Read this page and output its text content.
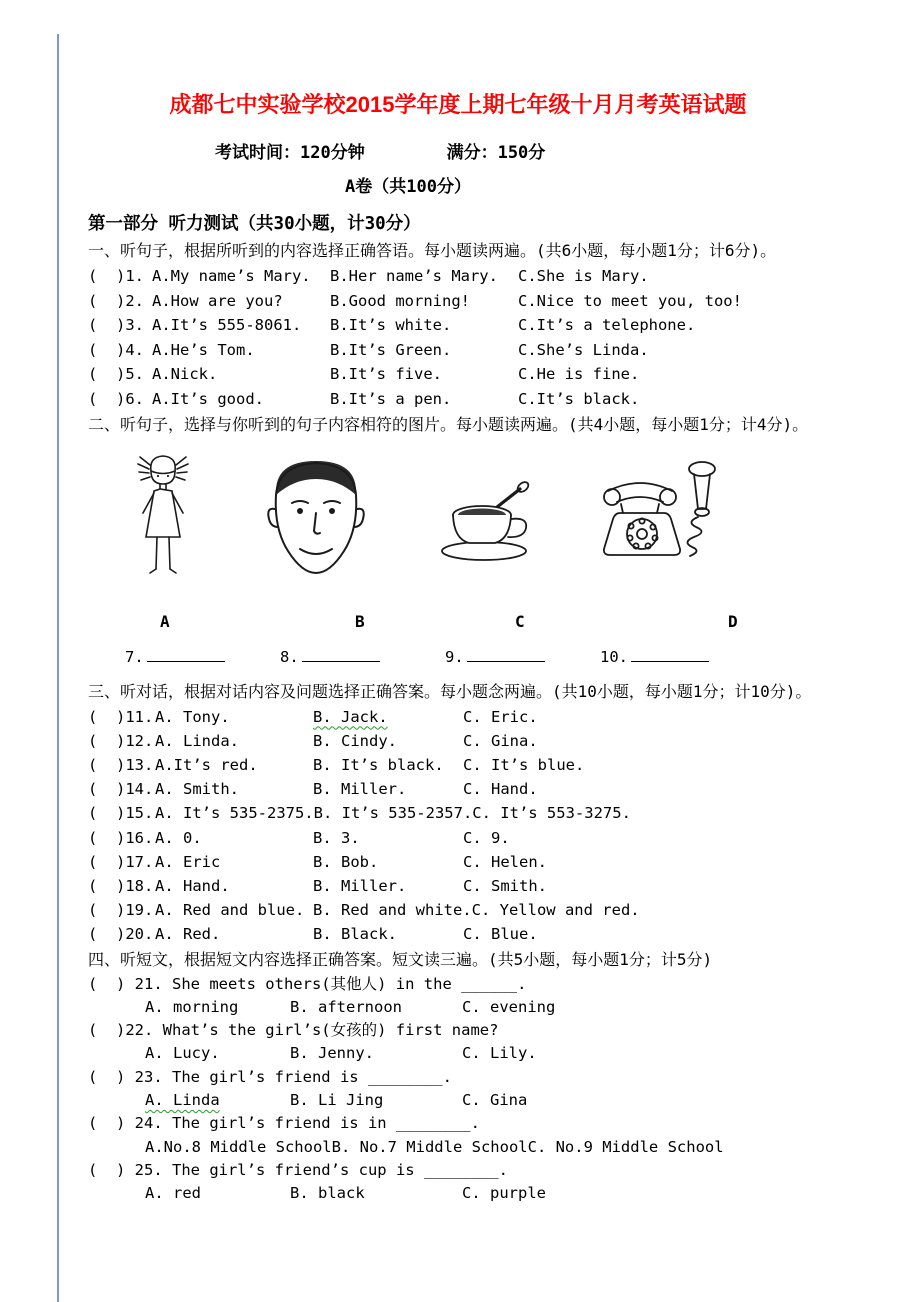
成都七中实验学校2015学年度上期七年级十月月考英语试题
考试时间：120分钟        满分：150分
A卷（共100分）
第一部分 听力测试（共30小题，计30分）
一、听句子，根据所听到的内容选择正确答语。每小题读两遍。(共6小题，每小题1分；计6分)。
(  )1. A.My name’s Mary. B.Her name’s Mary. C.She is Mary.
(  )2. A.How are you?	B.Good morning!	C.Nice to meet you, too!
(  )3. A.It’s 555-8061. B.It’s white.	C.It’s a telephone.
(  )4. A.He’s Tom.	B.It’s Green.	C.She’s Linda.
(  )5. A.Nick.	B.It’s five.	C.He is fine.
(  )6. A.It’s good.	B.It’s a pen.	C.It’s black.
二、听句子，选择与你听到的句子内容相符的图片。每小题读两遍。(共4小题，每小题1分；计4分)。
A	B	C	D
7.	8.	9.	10.
三、听对话，根据对话内容及问题选择正确答案。每小题念两遍。(共10小题，每小题1分；计10分)。
(  )11. A. Tony.	B. Jack.	C. Eric.
(  )12. A. Linda.	B. Cindy.	C. Gina.
(  )13. A.It’s red.	B. It’s black. C. It’s blue.
(  )14. A. Smith.	B. Miller.	C. Hand.
(  )15. A. It’s 535-2375.B. It’s 535-2357.C. It’s 553-3275.
(  )16. A. 0.	B. 3.	C. 9.
(  )17. A. Eric	B. Bob.	C. Helen.
(  )18. A. Hand.	B. Miller.	C. Smith.
(  )19. A. Red and blue. B. Red and white.C. Yellow and red.
(  )20. A. Red.	B. Black.	C. Blue.
四、听短文，根据短文内容选择正确答案。短文读三遍。(共5小题，每小题1分；计5分)
(  ) 21. She meets others(其他人) in the ______.
A. morning	B. afternoon	C. evening
(  )22. What’s the girl’s(女孩的) first name?
A. Lucy.	B. Jenny.	C. Lily.
(  ) 23. The girl’s friend is ________.
A. Linda	B. Li Jing	C. Gina
(  ) 24. The girl’s friend is in ________.
A.No.8 Middle SchoolB. No.7 Middle SchoolC. No.9 Middle School
(  ) 25. The girl’s friend’s cup is ________.
A. red	B. black	C. purple
